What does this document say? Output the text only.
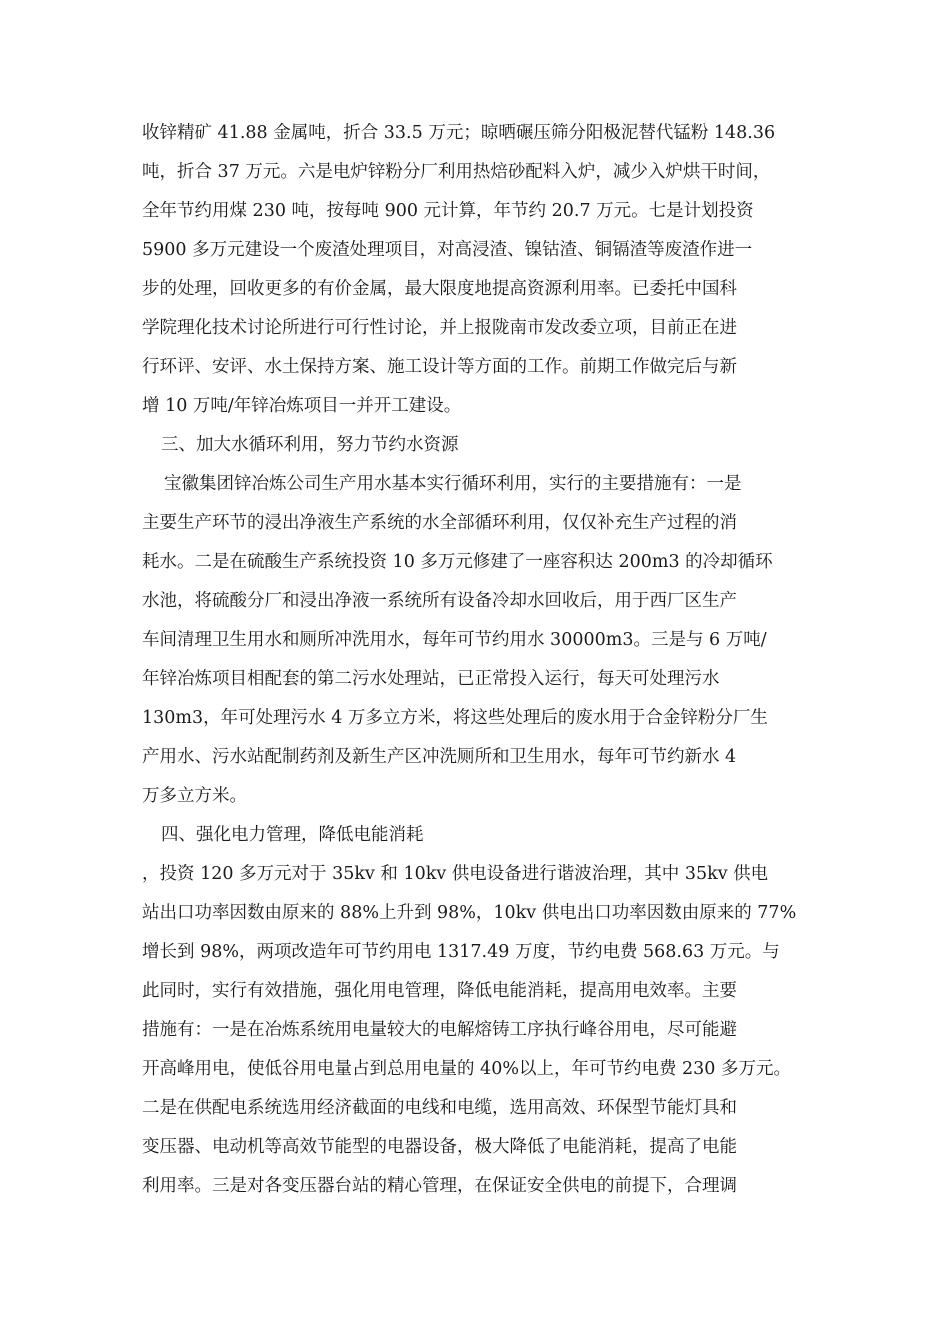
收锌精矿 41.88 金属吨，折合 33.5 万元；晾晒碾压筛分阳极泥替代锰粉 148.36
吨，折合 37 万元。六是电炉锌粉分厂利用热焙砂配料入炉，减少入炉烘干时间，
全年节约用煤 230 吨，按每吨 900 元计算，年节约 20.7 万元。七是计划投资
5900 多万元建设一个废渣处理项目，对高浸渣、镍钴渣、铜镉渣等废渣作进一
步的处理，回收更多的有价金属，最大限度地提高资源利用率。已委托中国科
学院理化技术讨论所进行可行性讨论，并上报陇南市发改委立项，目前正在进
行环评、安评、水土保持方案、施工设计等方面的工作。前期工作做完后与新
增 10 万吨/年锌冶炼项目一并开工建设。
三、加大水循环利用，努力节约水资源
宝徽集团锌冶炼公司生产用水基本实行循环利用，实行的主要措施有：一是
主要生产环节的浸出净液生产系统的水全部循环利用，仅仅补充生产过程的消
耗水。二是在硫酸生产系统投资 10 多万元修建了一座容积达 200m3 的冷却循环
水池，将硫酸分厂和浸出净液一系统所有设备冷却水回收后，用于西厂区生产
车间清理卫生用水和厕所冲洗用水，每年可节约用水 30000m3。三是与 6 万吨/
年锌冶炼项目相配套的第二污水处理站，已正常投入运行，每天可处理污水
130m3，年可处理污水 4 万多立方米，将这些处理后的废水用于合金锌粉分厂生
产用水、污水站配制药剂及新生产区冲洗厕所和卫生用水，每年可节约新水 4
万多立方米。
四、强化电力管理，降低电能消耗
，投资 120 多万元对于 35kv 和 10kv 供电设备进行谐波治理，其中 35kv 供电
站出口功率因数由原来的 88%上升到 98%，10kv 供电出口功率因数由原来的 77%
增长到 98%，两项改造年可节约用电 1317.49 万度，节约电费 568.63 万元。与
此同时，实行有效措施，强化用电管理，降低电能消耗，提高用电效率。主要
措施有：一是在冶炼系统用电量较大的电解熔铸工序执行峰谷用电，尽可能避
开高峰用电，使低谷用电量占到总用电量的 40%以上，年可节约电费 230 多万元。
二是在供配电系统选用经济截面的电线和电缆，选用高效、环保型节能灯具和
变压器、电动机等高效节能型的电器设备，极大降低了电能消耗，提高了电能
利用率。三是对各变压器台站的精心管理，在保证安全供电的前提下，合理调
